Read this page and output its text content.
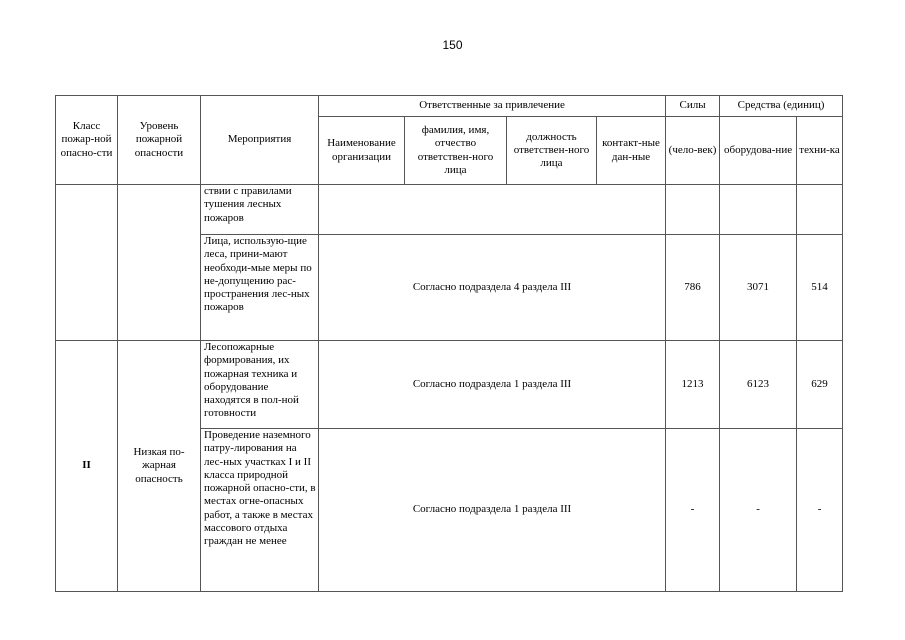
150
Класс пожар-ной опасно-сти	Уровень пожарной опасности	Мероприятия	Ответственные за привлечение				Силы	Средства (единиц)	
			Наименование организации	фамилия, имя, отчество ответствен-ного лица	должность ответствен-ного лица	контакт-ные дан-ные	(чело-век)	оборудова-ние	техни-ка
		ствии с правилами тушения лесных пожаров							
		Лица, использую-щие леса, прини-мают необходи-мые меры по не-допущению рас-пространения лес-ных пожаров	Согласно подраздела 4 раздела III				786	3071	514
II	Низкая по-жарная опасность	Лесопожарные формирования, их пожарная техника и оборудование находятся в пол-ной готовности	Согласно подраздела 1 раздела III				1213	6123	629
		Проведение наземного патру-лирования на лес-ных участках I и II класса природной пожарной опасно-сти, в местах огне-опасных работ, а также в местах массового отдыха граждан не менее	Согласно подраздела 1 раздела III				-	-	-
